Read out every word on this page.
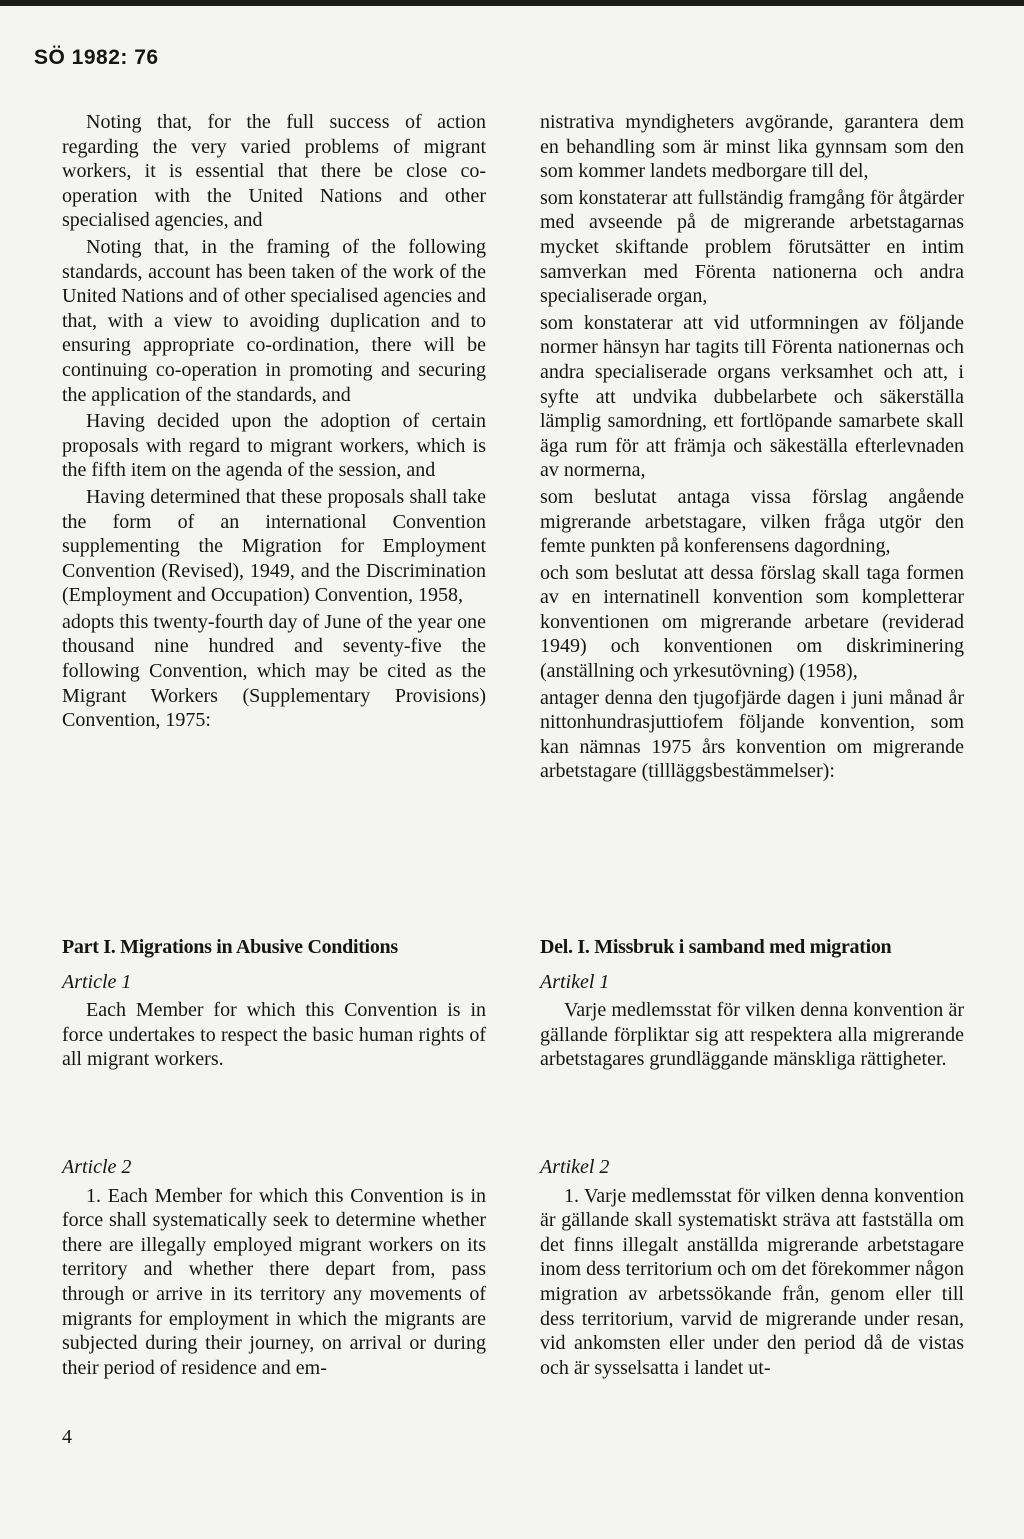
SÖ 1982: 76

Noting that, for the full success of action regarding the very varied problems of migrant workers, it is essential that there be close co-operation with the United Nations and other specialised agencies, and

Noting that, in the framing of the following standards, account has been taken of the work of the United Nations and of other specialised agencies and that, with a view to avoiding duplication and to ensuring appropriate co-ordination, there will be continuing co-operation in promoting and securing the application of the standards, and

Having decided upon the adoption of certain proposals with regard to migrant workers, which is the fifth item on the agenda of the session, and

Having determined that these proposals shall take the form of an international Convention supplementing the Migration for Employment Convention (Revised), 1949, and the Discrimination (Employment and Occupation) Convention, 1958,

adopts this twenty-fourth day of June of the year one thousand nine hundred and seventy-five the following Convention, which may be cited as the Migrant Workers (Supplementary Provisions) Convention, 1975:

Part I. Migrations in Abusive Conditions
Article 1

Each Member for which this Convention is in force undertakes to respect the basic human rights of all migrant workers.

Article 2

1. Each Member for which this Convention is in force shall systematically seek to determine whether there are illegally employed migrant workers on its territory and whether there depart from, pass through or arrive in its territory any movements of migrants for employment in which the migrants are subjected during their journey, on arrival or during their period of residence and em-

nistrativa myndigheters avgörande, garantera dem en behandling som är minst lika gynnsam som den som kommer landets medborgare till del,

som konstaterar att fullständig framgång för åtgärder med avseende på de migrerande arbetstagarnas mycket skiftande problem förutsätter en intim samverkan med Förenta nationerna och andra specialiserade organ,

som konstaterar att vid utformningen av följande normer hänsyn har tagits till Förenta nationernas och andra specialiserade organs verksamhet och att, i syfte att undvika dubbelarbete och säkerställa lämplig samordning, ett fortlöpande samarbete skall äga rum för att främja och säkeställa efterlevnaden av normerna,

som beslutat antaga vissa förslag angående migrerande arbetstagare, vilken fråga utgör den femte punkten på konferensens dagordning,

och som beslutat att dessa förslag skall taga formen av en internatinell konvention som kompletterar konventionen om migrerande arbetare (reviderad 1949) och konventionen om diskriminering (anställning och yrkesutövning) (1958),

antager denna den tjugofjärde dagen i juni månad år nittonhundrasjuttiofem följande konvention, som kan nämnas 1975 års konvention om migrerande arbetstagare (tillläggsbestämmelser):

Del. I. Missbruk i samband med migration
Artikel 1

Varje medlemsstat för vilken denna konvention är gällande förpliktar sig att respektera alla migrerande arbetstagares grundläggande mänskliga rättigheter.

Artikel 2

1. Varje medlemsstat för vilken denna konvention är gällande skall systematiskt sträva att fastställa om det finns illegalt anställda migrerande arbetstagare inom dess territorium och om det förekommer någon migration av arbetssökande från, genom eller till dess territorium, varvid de migrerande under resan, vid ankomsten eller under den period då de vistas och är sysselsatta i landet ut-

4
